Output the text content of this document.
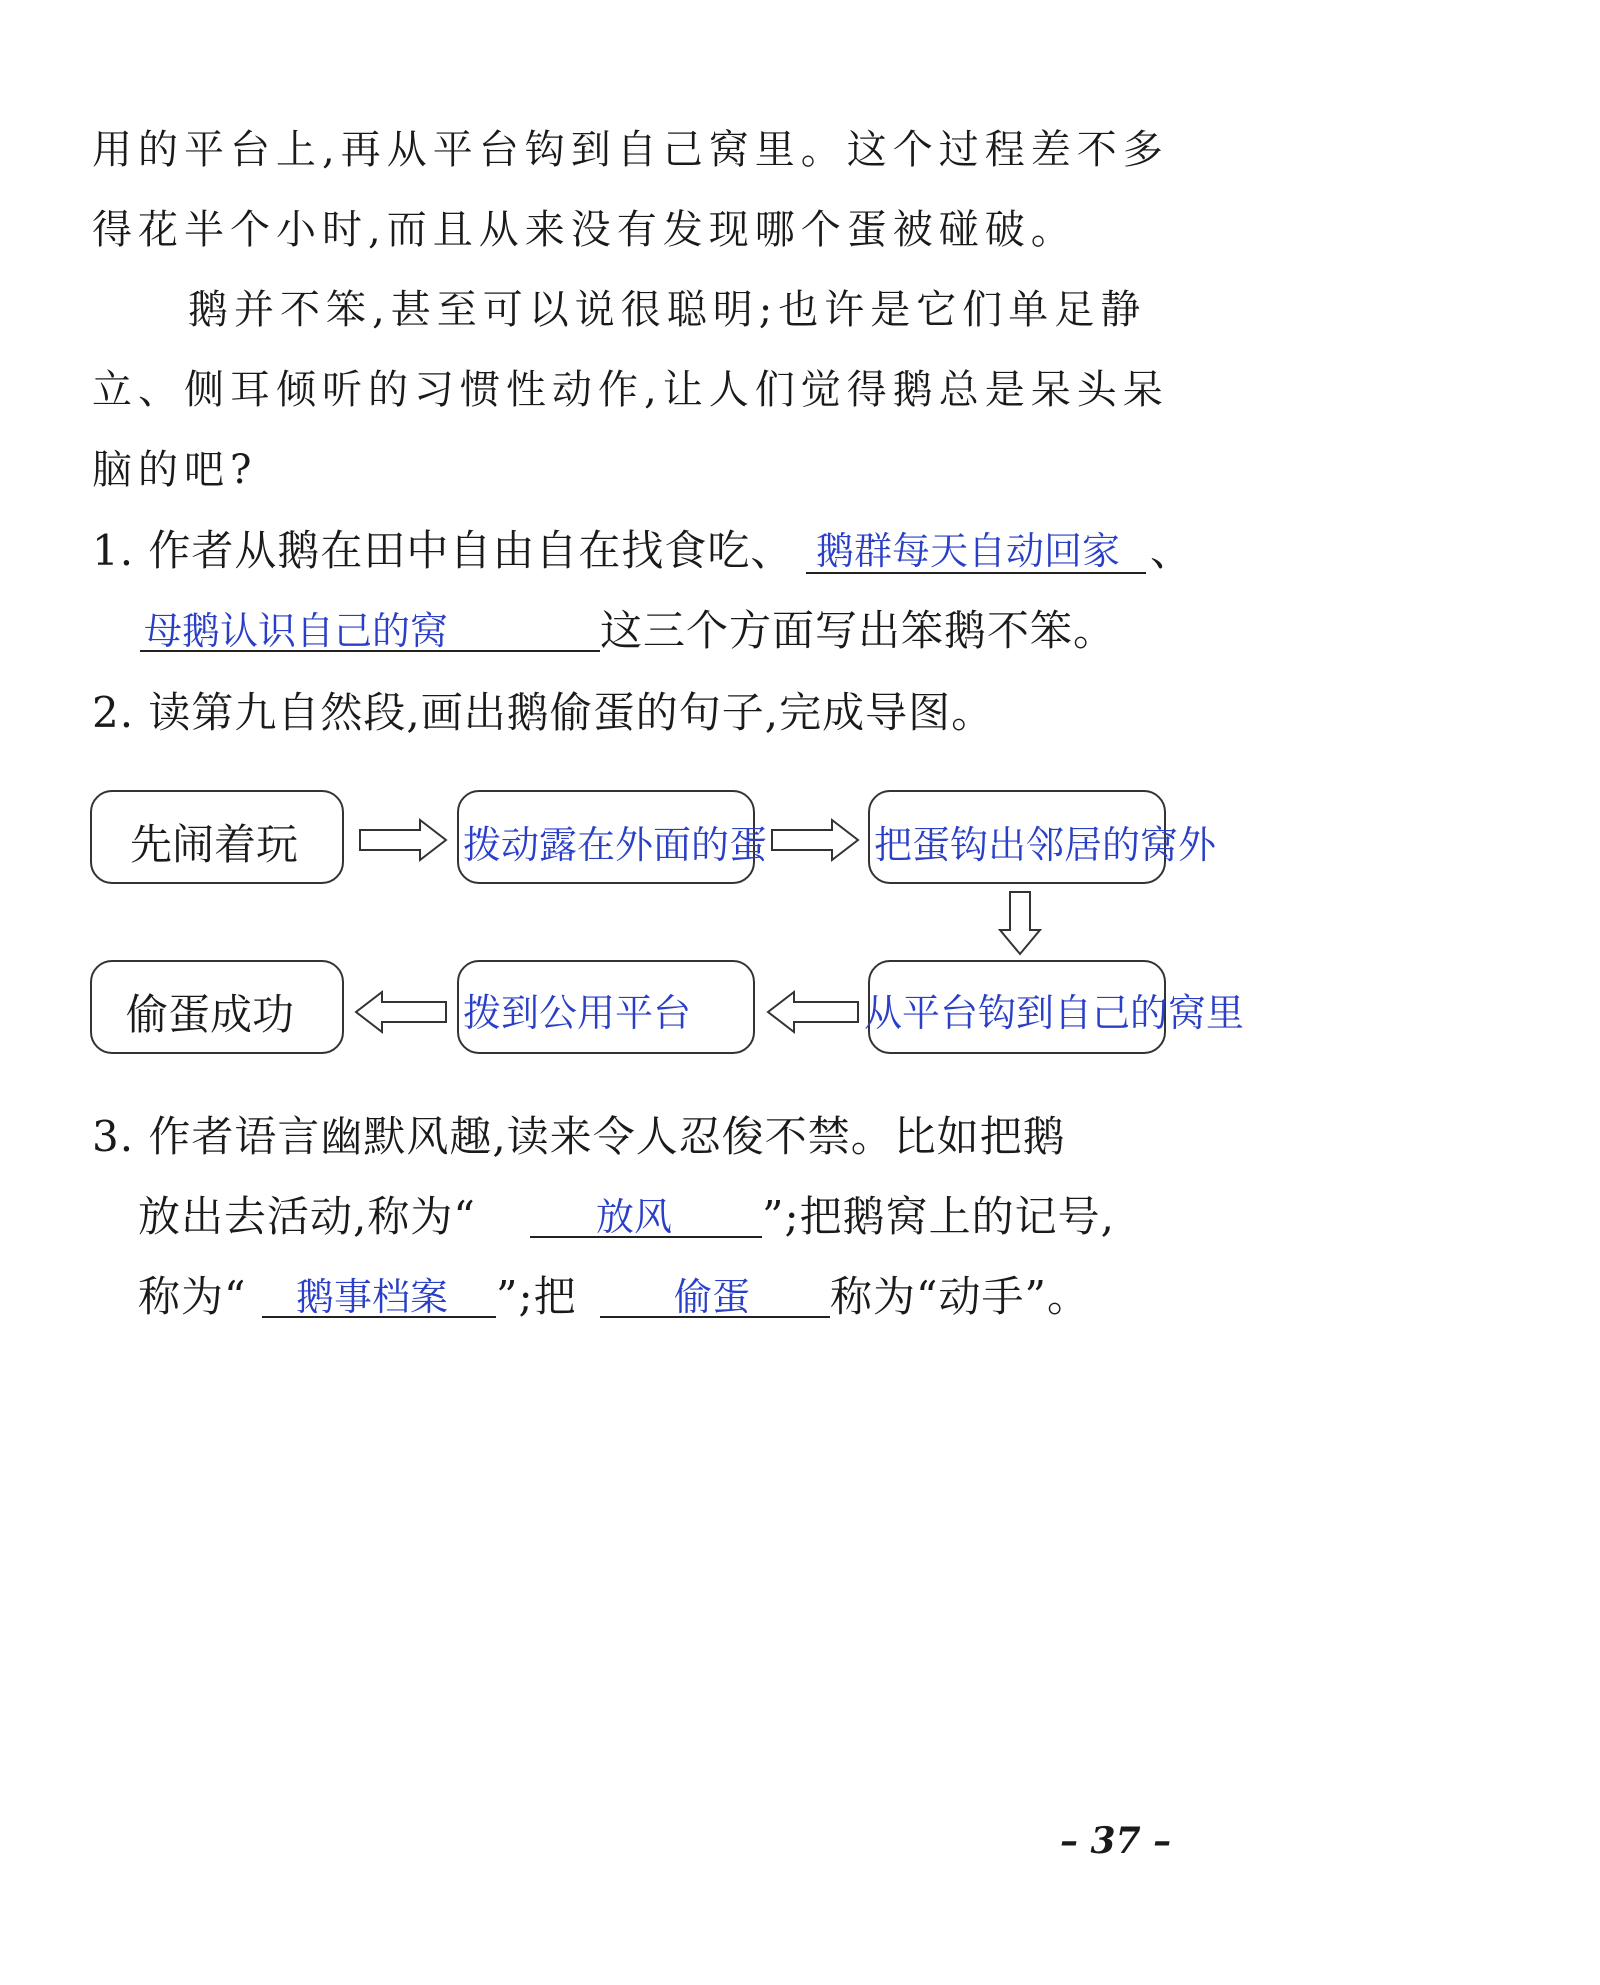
用的平台上,再从平台钩到自己窝里。这个过程差不多
得花半个小时,而且从来没有发现哪个蛋被碰破。
鹅并不笨,甚至可以说很聪明;也许是它们单足静
立、侧耳倾听的习惯性动作,让人们觉得鹅总是呆头呆
脑的吧?
1. 作者从鹅在田中自由自在找食吃、 鹅群每天自动回家 、
母鹅认识自己的窝	这三个方面写出笨鹅不笨。
2. 读第九自然段,画出鹅偷蛋的句子,完成导图。
先闹着玩	拨动露在外面的蛋	把蛋钩出邻居的窝外
偷蛋成功	拨到公用平台	从平台钩到自己的窝里
3. 作者语言幽默风趣,读来令人忍俊不禁。比如把鹅
放出去活动,称为“	放风 ”;把鹅窝上的记号,
称为“ 鹅事档案 ”;把	偷蛋 称为“动手”。
– 37 –
